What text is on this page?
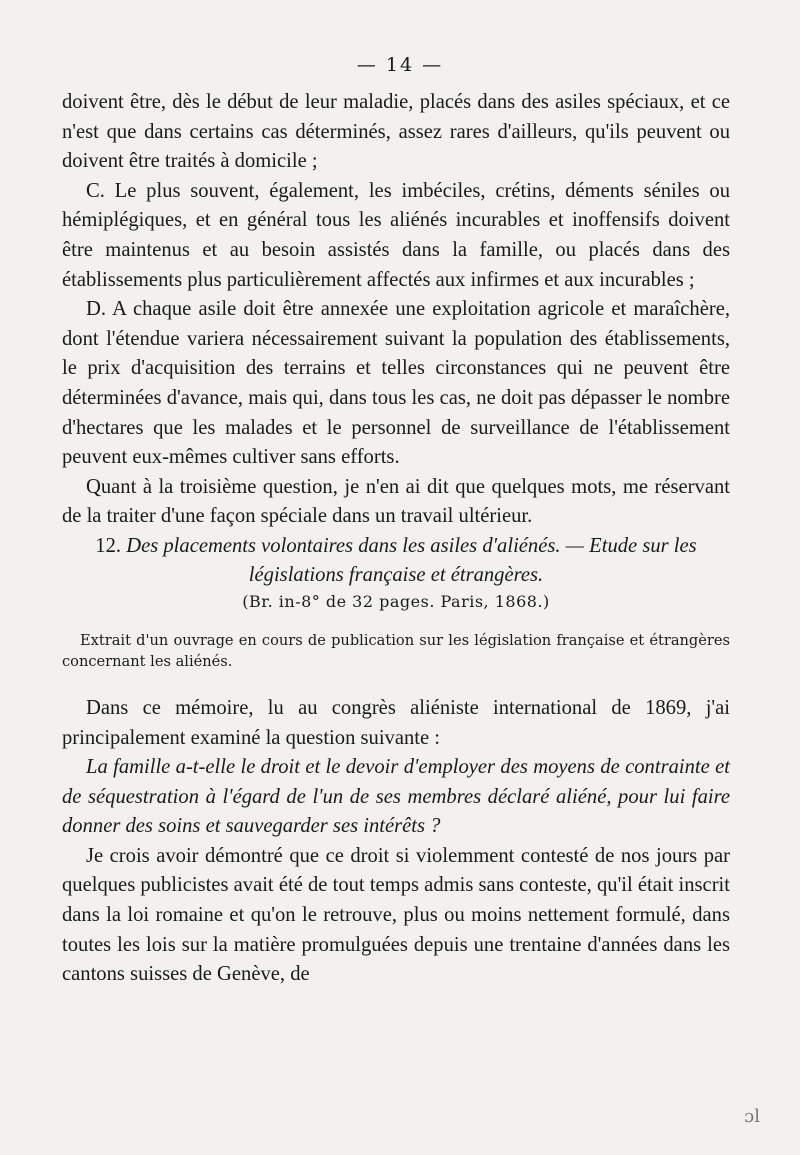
— 14 —

doivent être, dès le début de leur maladie, placés dans des asiles spéciaux, et ce n'est que dans certains cas déterminés, assez rares d'ailleurs, qu'ils peuvent ou doivent être traités à domicile ;

C. Le plus souvent, également, les imbéciles, crétins, déments séniles ou hémiplégiques, et en général tous les aliénés incurables et inoffensifs doivent être maintenus et au besoin assistés dans la famille, ou placés dans des établissements plus particulièrement affectés aux infirmes et aux incurables ;

D. A chaque asile doit être annexée une exploitation agricole et maraîchère, dont l'étendue variera nécessairement suivant la population des établissements, le prix d'acquisition des terrains et telles circonstances qui ne peuvent être déterminées d'avance, mais qui, dans tous les cas, ne doit pas dépasser le nombre d'hectares que les malades et le personnel de surveillance de l'établissement peuvent eux-mêmes cultiver sans efforts.

Quant à la troisième question, je n'en ai dit que quelques mots, me réservant de la traiter d'une façon spéciale dans un travail ultérieur.

12. Des placements volontaires dans les asiles d'aliénés. — Etude sur les législations française et étrangères.

(Br. in-8° de 32 pages. Paris, 1868.)

Extrait d'un ouvrage en cours de publication sur les législation française et étrangères concernant les aliénés.

Dans ce mémoire, lu au congrès aliéniste international de 1869, j'ai principalement examiné la question suivante :

La famille a-t-elle le droit et le devoir d'employer des moyens de contrainte et de séquestration à l'égard de l'un de ses membres déclaré aliéné, pour lui faire donner des soins et sauvegarder ses intérêts ?

Je crois avoir démontré que ce droit si violemment contesté de nos jours par quelques publicistes avait été de tout temps admis sans conteste, qu'il était inscrit dans la loi romaine et qu'on le retrouve, plus ou moins nettement formulé, dans toutes les lois sur la matière promulguées depuis une trentaine d'années dans les cantons suisses de Genève, de

ɔl
